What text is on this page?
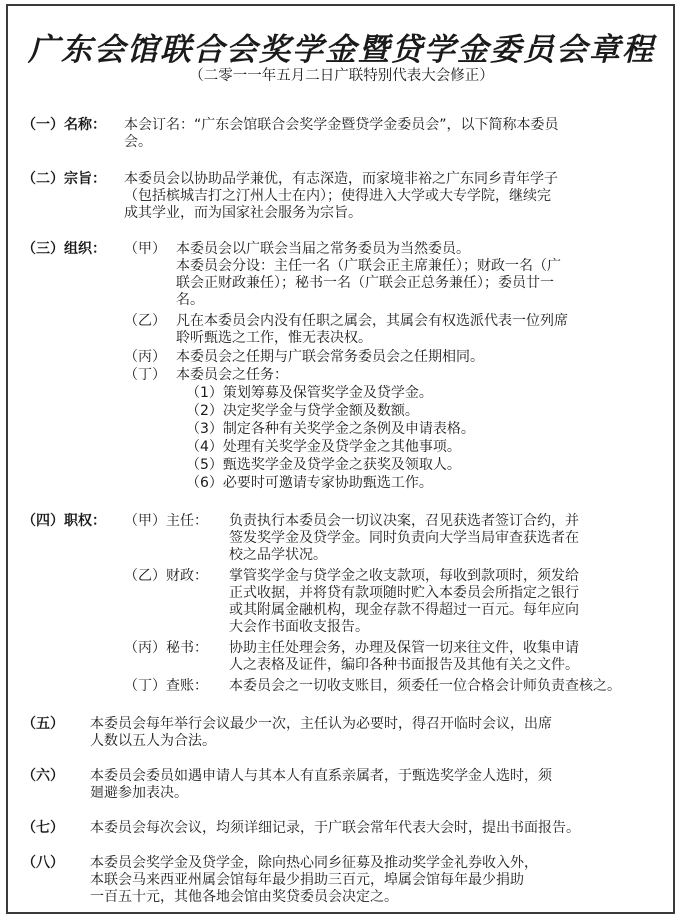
广东会馆联合会奖学金暨贷学金委员会章程
（二零一一年五月二日广联特别代表大会修正）
（一）名称： 本会订名：“广东会馆联合会奖学金暨贷学金委员会”，以下简称本委员
会。
（二）宗旨： 本委员会以协助品学兼优，有志深造，而家境非裕之广东同乡青年学子
（包括槟城吉打之汀州人士在内）；使得进入大学或大专学院，继续完
成其学业，而为国家社会服务为宗旨。
（三）组织： （甲） 本委员会以广联会当届之常务委员为当然委员。
本委员会分设：主任一名（广联会正主席兼任）；财政一名（广
联会正财政兼任）；秘书一名（广联会正总务兼任）；委员廿一
名。
（乙） 凡在本委员会内没有任职之属会，其属会有权选派代表一位列席
聆听甄选之工作，惟无表决权。
（丙） 本委员会之任期与广联会常务委员会之任期相同。
（丁） 本委员会之任务：
（1）策划筹募及保管奖学金及贷学金。
（2）决定奖学金与贷学金额及数额。
（3）制定各种有关奖学金之条例及申请表格。
（4）处理有关奖学金及贷学金之其他事项。
（5）甄选奖学金及贷学金之获奖及领取人。
（6）必要时可邀请专家协助甄选工作。
（四）职权： （甲）主任： 负责执行本委员会一切议决案，召见获选者签订合约，并
签发奖学金及贷学金。同时负责向大学当局审查获选者在
校之品学状况。
（乙）财政： 掌管奖学金与贷学金之收支款项，每收到款项时，须发给
正式收据，并将贷有款项随时贮入本委员会所指定之银行
或其附属金融机构，现金存款不得超过一百元。每年应向
大会作书面收支报告。
（丙）秘书： 协助主任处理会务，办理及保管一切来往文件，收集申请
人之表格及证件，编印各种书面报告及其他有关之文件。
（丁）查账： 本委员会之一切收支账目，须委任一位合格会计师负责查核之。
（五） 本委员会每年举行会议最少一次，主任认为必要时，得召开临时会议，出席
人数以五人为合法。
（六） 本委员会委员如遇申请人与其本人有直系亲属者，于甄选奖学金人选时，须
廻避参加表决。
（七） 本委员会每次会议，均须详细记录，于广联会常年代表大会时，提出书面报告。
（八） 本委员会奖学金及贷学金，除向热心同乡征募及推动奖学金礼券收入外，
本联会马来西亚州属会馆每年最少捐助三百元，埠属会馆每年最少捐助
一百五十元，其他各地会馆由奖贷委员会决定之。
